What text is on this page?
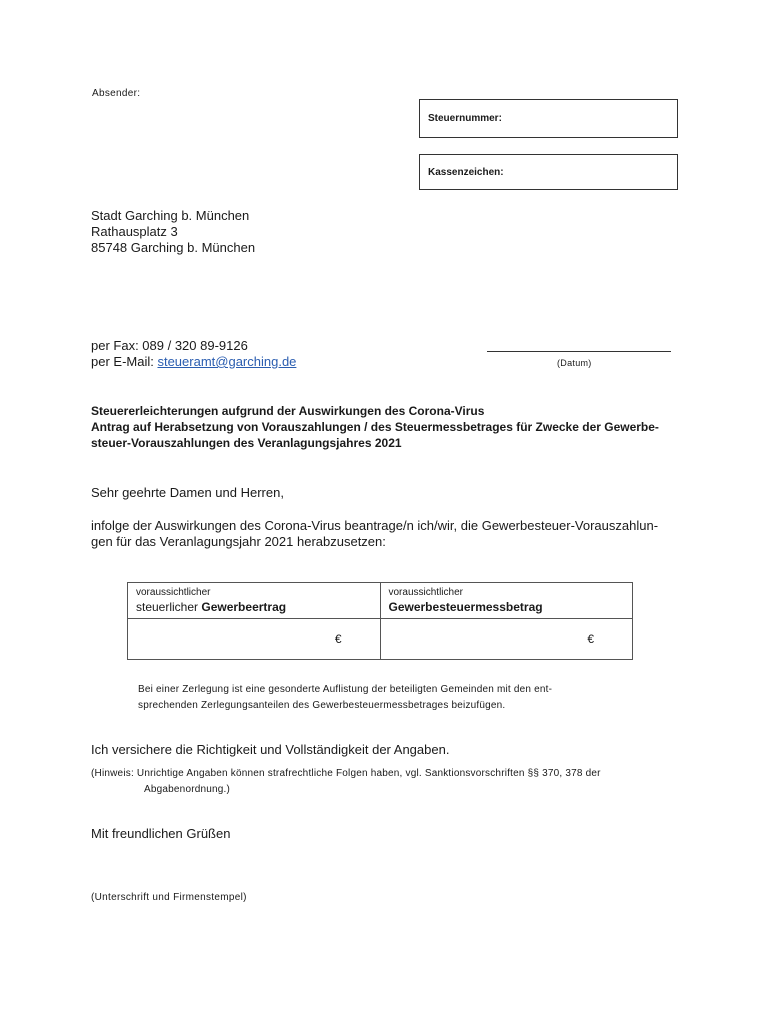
Absender:
Steuernummer:
Kassenzeichen:
Stadt Garching b. München
Rathausplatz 3
85748 Garching b. München
per Fax: 089 / 320 89-9126
per E-Mail: steueramt@garching.de	(Datum)
Steuererleichterungen aufgrund der Auswirkungen des Corona-Virus
Antrag auf Herabsetzung von Vorauszahlungen / des Steuermessbetrages für Zwecke der Gewerbe-
steuer-Vorauszahlungen des Veranlagungsjahres 2021
Sehr geehrte Damen und Herren,
infolge der Auswirkungen des Corona-Virus beantrage/n ich/wir, die Gewerbesteuer-Vorauszahlun-
gen für das Veranlagungsjahr 2021 herabzusetzen:
voraussichtlicher
steuerlicher Gewerbeertrag	voraussichtlicher
Gewerbesteuermessbetrag

€	€
Bei einer Zerlegung ist eine gesonderte Auflistung der beteiligten Gemeinden mit den ent-
sprechenden Zerlegungsanteilen des Gewerbesteuermessbetrages beizufügen.
Ich versichere die Richtigkeit und Vollständigkeit der Angaben.
(Hinweis: Unrichtige Angaben können strafrechtliche Folgen haben, vgl. Sanktionsvorschriften §§ 370, 378 der
Abgabenordnung.)
Mit freundlichen Grüßen
(Unterschrift und Firmenstempel)
